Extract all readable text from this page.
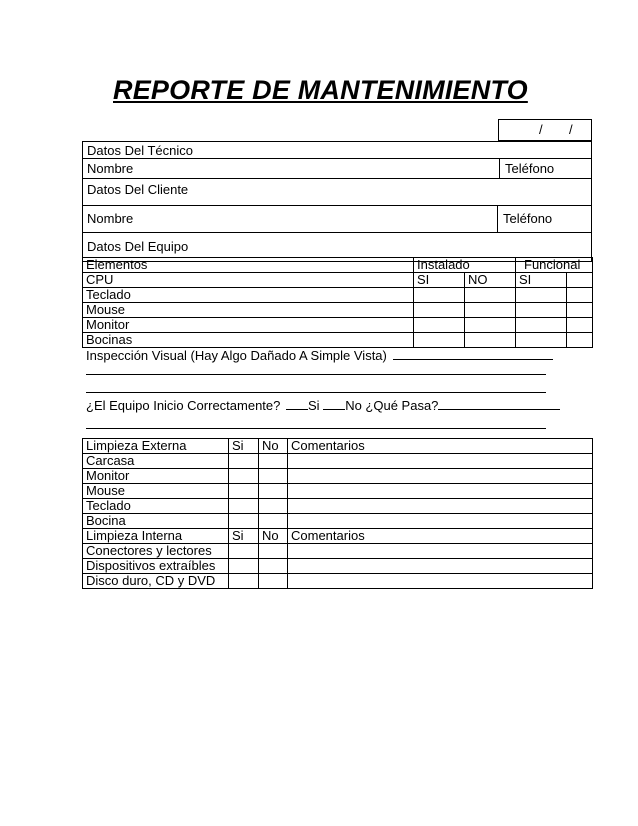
REPORTE DE MANTENIMIENTO
/ /
Datos Del Técnico
Nombre	Teléfono
Datos Del Cliente
Nombre	Teléfono
Datos Del Equipo
Elementos	Instalado		Funcional	
CPU	SI	NO	SI	
Teclado				
Mouse				
Monitor				
Bocinas				
Inspección Visual (Hay Algo Dañado A Simple Vista)
¿El Equipo Inicio Correctamente? Si No ¿Qué Pasa?
Limpieza Externa	Si	No	Comentarios
Carcasa			
Monitor			
Mouse			
Teclado			
Bocina			
Limpieza Interna	Si	No	Comentarios
Conectores y lectores			
Dispositivos extraíbles			
Disco duro, CD y DVD			
